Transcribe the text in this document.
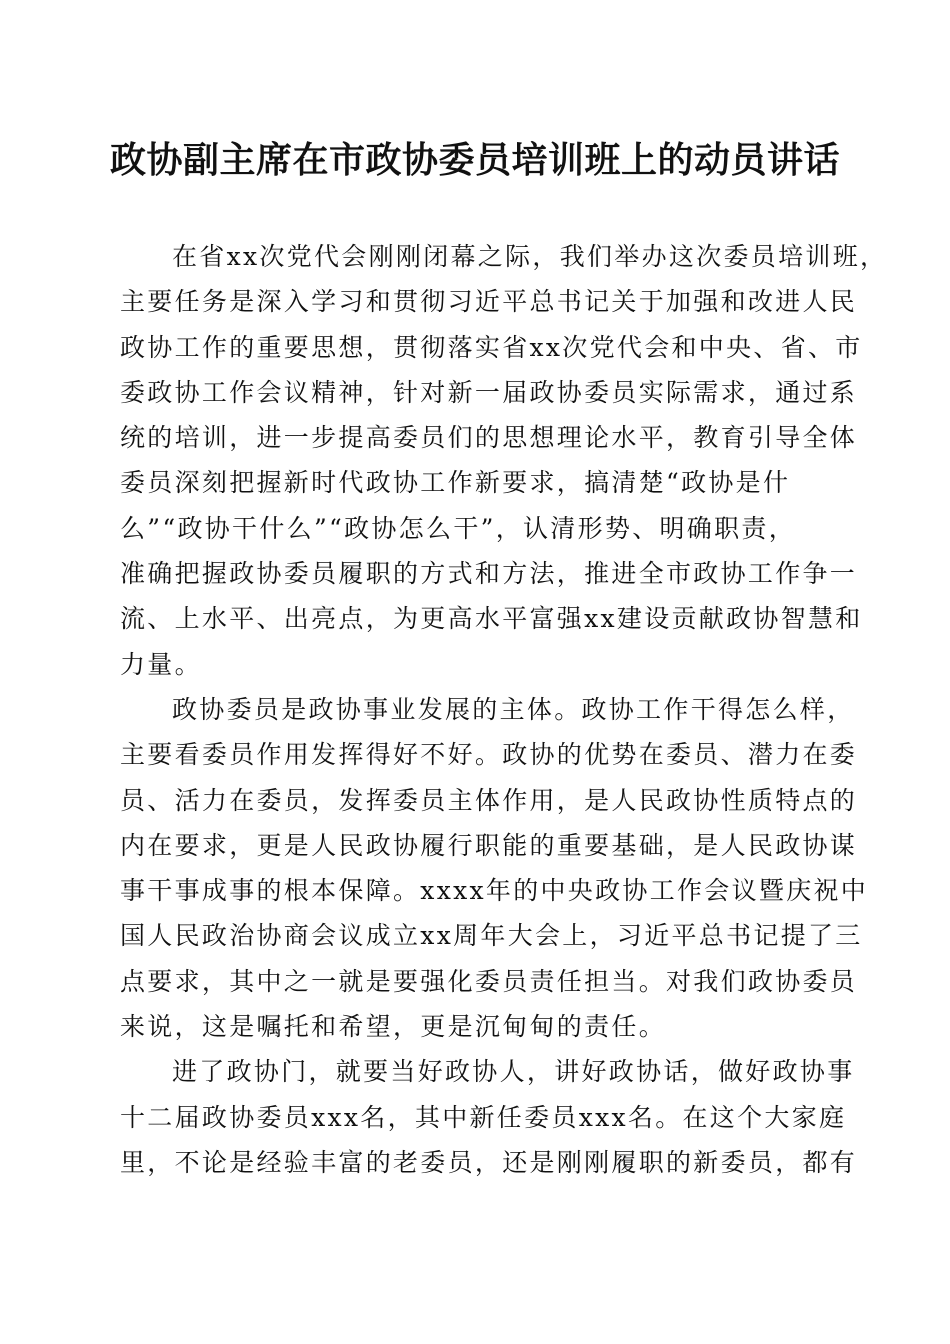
政协副主席在市政协委员培训班上的动员讲话

在省xx次党代会刚刚闭幕之际，我们举办这次委员培训班，
主要任务是深入学习和贯彻习近平总书记关于加强和改进人民
政协工作的重要思想，贯彻落实省xx次党代会和中央、省、市
委政协工作会议精神，针对新一届政协委员实际需求，通过系
统的培训，进一步提高委员们的思想理论水平，教育引导全体
委员深刻把握新时代政协工作新要求，搞清楚“政协是什
么”“政协干什么”“政协怎么干”，认清形势、明确职责，
准确把握政协委员履职的方式和方法，推进全市政协工作争一
流、上水平、出亮点，为更高水平富强xx建设贡献政协智慧和
力量。

政协委员是政协事业发展的主体。政协工作干得怎么样，
主要看委员作用发挥得好不好。政协的优势在委员、潜力在委
员、活力在委员，发挥委员主体作用，是人民政协性质特点的
内在要求，更是人民政协履行职能的重要基础，是人民政协谋
事干事成事的根本保障。xxxx年的中央政协工作会议暨庆祝中
国人民政治协商会议成立xx周年大会上，习近平总书记提了三
点要求，其中之一就是要强化委员责任担当。对我们政协委员
来说，这是嘱托和希望，更是沉甸甸的责任。

进了政协门，就要当好政协人，讲好政协话，做好政协事
十二届政协委员xxx名，其中新任委员xxx名。在这个大家庭
里，不论是经验丰富的老委员，还是刚刚履职的新委员，都有
